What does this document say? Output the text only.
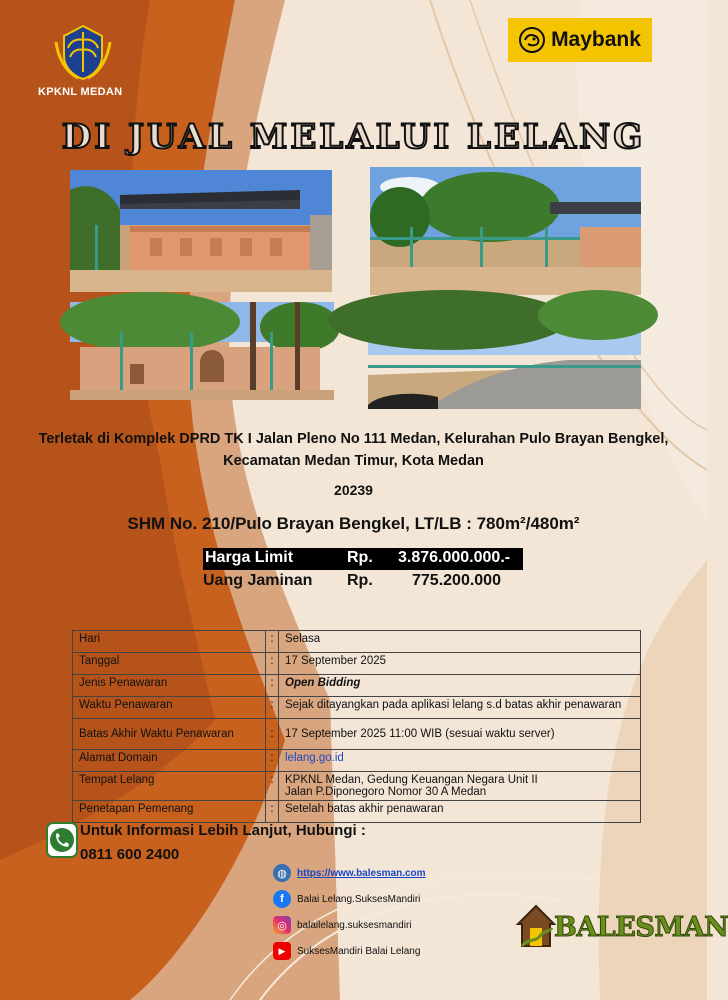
KPKNL MEDAN
Maybank
DI JUAL MELALUI LELANG
Terletak di Komplek DPRD TK I Jalan Pleno No 111 Medan, Kelurahan Pulo Brayan Bengkel,
Kecamatan Medan Timur, Kota Medan
20239
SHM No. 210/Pulo Brayan Bengkel, LT/LB : 780m²/480m²
Harga Limit	Rp. 3.876.000.000.-
Uang Jaminan Rp. 775.200.000
Hari	:	Selasa
Tanggal	:	17 September 2025
Jenis Penawaran	:	Open Bidding
Waktu Penawaran	:	Sejak ditayangkan pada aplikasi lelang s.d batas akhir penawaran
Batas Akhir Waktu Penawaran	:	17 September 2025 11:00 WIB (sesuai waktu server)
Alamat Domain	:	lelang.go.id
Tempat Lelang	:	KPKNL Medan, Gedung Keuangan Negara Unit II
Jalan P.Diponegoro Nomor 30 A Medan

Penetapan Pemenang	:	Setelah batas akhir penawaran
Untuk Informasi Lebih Lanjut, Hubungi :
0811 600 2400
◍	https://www.balesman.com
f	Balai Lelang.SuksesMandiri
◎	balailelang.suksesmandiri
▶	SuksesMandiri Balai Lelang
BALESMAN
